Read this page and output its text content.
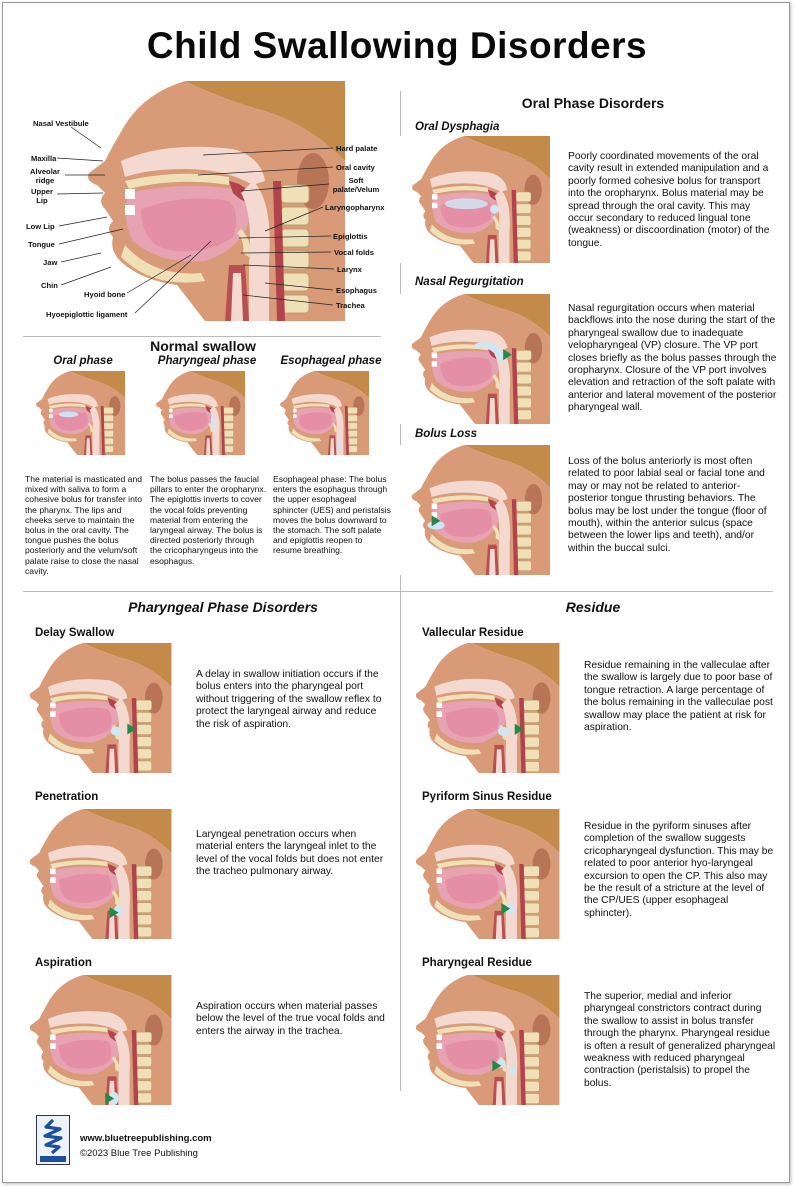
Child Swallowing Disorders
Nasal Vestibule
Maxilla
Alveolar ridge
Upper Lip
Low Lip
Tongue
Jaw
Chin
Hyoid bone
Hyoepiglottic ligament
Hard palate
Oral cavity
Soft palate/Velum
Laryngopharynx
Epiglottis
Vocal folds
Larynx
Esophagus
Trachea
Normal swallow
Oral phase	Pharyngeal phase	Esophageal phase
The material is masticated and mixed with saliva to form a cohesive bolus for transfer into the pharynx. The lips and cheeks serve to maintain the bolus in the oral cavity. The tongue pushes the bolus posteriorly and the velum/soft palate raise to close the nasal cavity.
The bolus passes the faucial pillars to enter the oropharynx. The epiglottis inverts to cover the vocal folds preventing material from entering the laryngeal airway. The bolus is directed posteriorly through the cricopharyngeus into the esophagus.
Esophageal phase: The bolus enters the esophagus through the upper esophageal sphincter (UES) and peristalsis moves the bolus downward to the stomach. The soft palate and epiglottis reopen to resume breathing.
Oral Phase Disorders
Oral Dysphagia
Poorly coordinated movements of the oral cavity result in extended manipulation and a poorly formed cohesive bolus for transport into the oropharynx. Bolus material may be spread through the oral cavity. This may occur secondary to reduced lingual tone (weakness) or discoordination (motor) of the tongue.
Nasal Regurgitation
Nasal regurgitation occurs when material backflows into the nose during the start of the pharyngeal swallow due to inadequate velopharyngeal (VP) closure. The VP port closes briefly as the bolus passes through the oropharynx. Closure of the VP port involves elevation and retraction of the soft palate with anterior and lateral movement of the posterior pharyngeal wall.
Bolus Loss
Loss of the bolus anteriorly is most often related to poor labial seal or facial tone and may or may not be related to anterior-posterior tongue thrusting behaviors. The bolus may be lost under the tongue (floor of mouth), within the anterior sulcus (space between the lower lips and teeth), and/or within the buccal sulci.
Pharyngeal Phase Disorders
Delay Swallow
A delay in swallow initiation occurs if the bolus enters into the pharyngeal port without triggering of the swallow reflex to protect the laryngeal airway and reduce the risk of aspiration.
Penetration
Laryngeal penetration occurs when material enters the laryngeal inlet to the level of the vocal folds but does not enter the tracheo pulmonary airway.
Aspiration
Aspiration occurs when material passes below the level of the true vocal folds and enters the airway in the trachea.
Residue
Vallecular Residue
Residue remaining in the valleculae after the swallow is largely due to poor base of tongue retraction. A large percentage of the bolus remaining in the valleculae post swallow may place the patient at risk for aspiration.
Pyriform Sinus Residue
Residue in the pyriform sinuses after completion of the swallow suggests cricopharyngeal dysfunction. This may be related to poor anterior hyo-laryngeal excursion to open the CP. This also may be the result of a stricture at the level of the CP/UES (upper esophageal sphincter).
Pharyngeal Residue
The superior, medial and inferior pharyngeal constrictors contract during the swallow to assist in bolus transfer through the pharynx. Pharyngeal residue is often a result of generalized pharyngeal weakness with reduced pharyngeal contraction (peristalsis) to propel the bolus.
www.bluetreepublishing.com
©2023 Blue Tree Publishing
